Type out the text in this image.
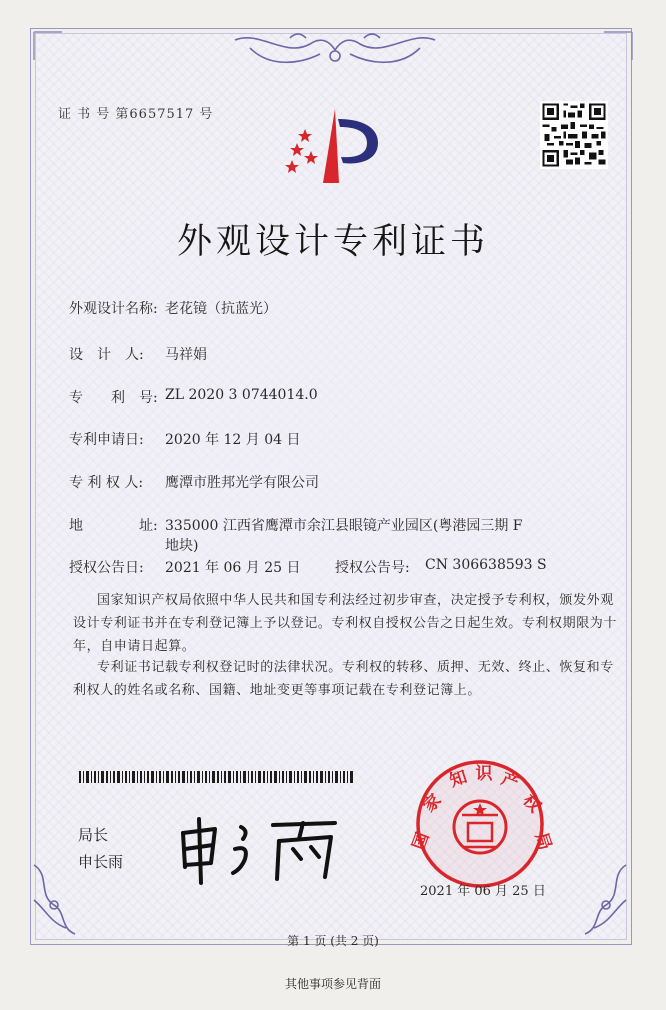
证 书 号 第6657517 号
外观设计专利证书
外观设计名称: 老花镜（抗蓝光）
设　计　人: 马祥娟
专　　利　号: ZL 2020 3 0744014.0
专利申请日: 2020 年 12 月 04 日
专 利 权 人: 鹰潭市胜邦光学有限公司
地　　　　址: 335000 江西省鹰潭市余江县眼镜产业园区(粤港园三期 F
地块)
授权公告日: 2021 年 06 月 25 日 授权公告号: CN 306638593 S
国家知识产权局依照中华人民共和国专利法经过初步审查，决定授予专利权，颁发外观
设计专利证书并在专利登记簿上予以登记。专利权自授权公告之日起生效。专利权期限为十
年，自申请日起算。
专利证书记载专利权登记时的法律状况。专利权的转移、质押、无效、终止、恢复和专
利权人的姓名或名称、国籍、地址变更等事项记载在专利登记簿上。
局长
申长雨
国
家
知 识 产
权
局
2021 年 06 月 25 日
第 1 页 (共 2 页)
其他事项参见背面
